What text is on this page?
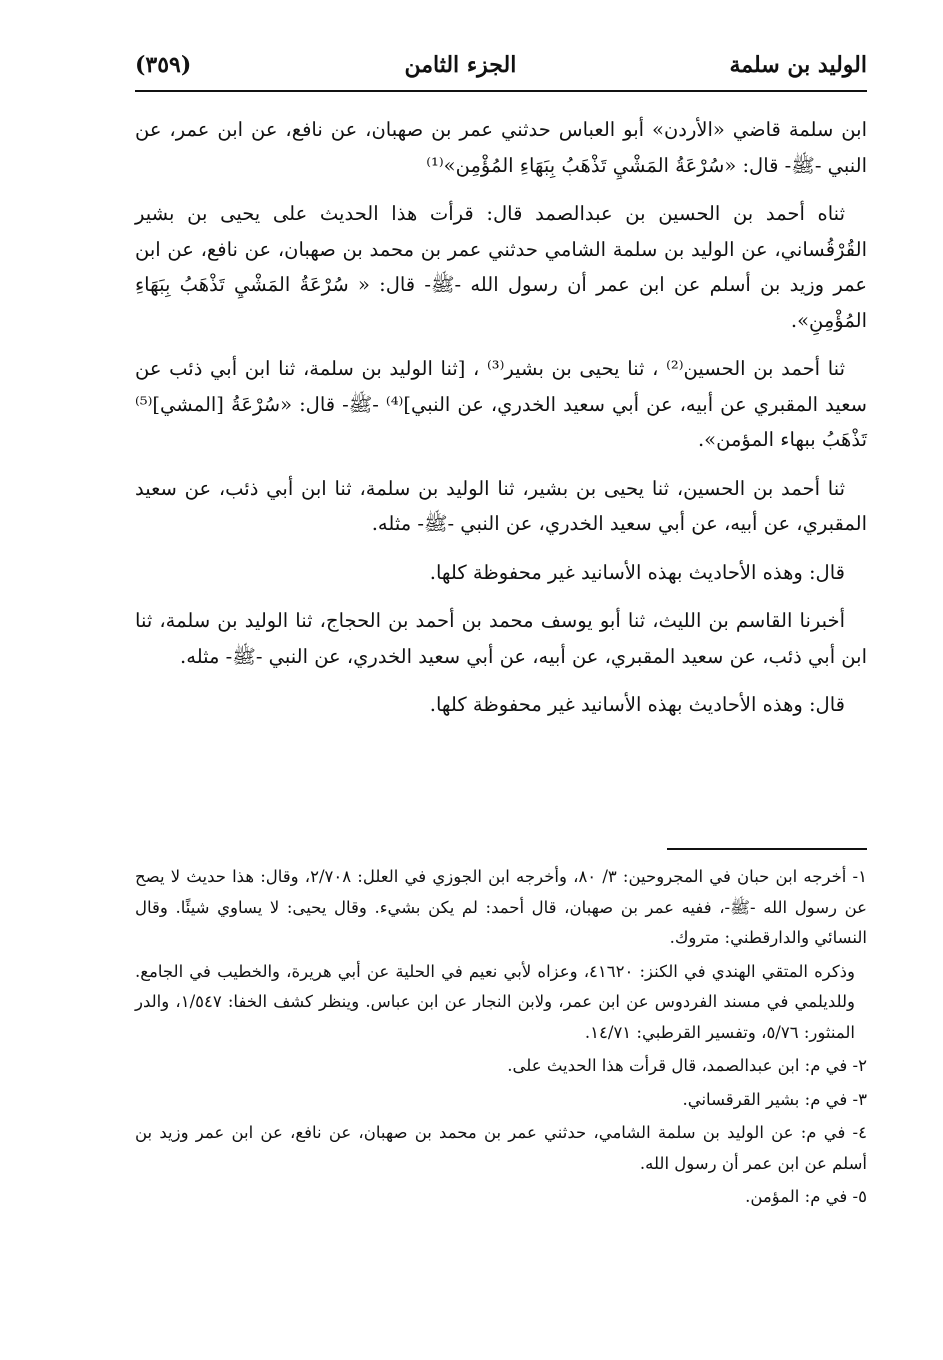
الوليد بن سلمة
الجزء الثامن
(٣٥٩)

ابن سلمة قاضي «الأردن» أبو العباس حدثني عمر بن صهبان، عن نافع، عن ابن عمر، عن النبي -ﷺ- قال: «سُرْعَةُ المَشْيِ تَذْهَبُ بِبَهَاءِ المُؤْمِن»⁽¹⁾

ثناه أحمد بن الحسين بن عبدالصمد قال: قرأت هذا الحديث على يحيى بن بشير القُرْقُساني، عن الوليد بن سلمة الشامي حدثني عمر بن محمد بن صهبان، عن نافع، عن ابن عمر وزيد بن أسلم عن ابن عمر أن رسول الله -ﷺ- قال: « سُرْعَةُ المَشْيِ تَذْهَبُ بِبَهَاءِ المُؤْمِنِ».

ثنا أحمد بن الحسين⁽²⁾ ، ثنا يحيى بن بشير⁽³⁾ ، [ثنا الوليد بن سلمة، ثنا ابن أبي ذئب عن سعيد المقبري عن أبيه، عن أبي سعيد الخدري، عن النبي]⁽⁴⁾ -ﷺ- قال: «سُرْعَةُ [المشي]⁽⁵⁾ تَذْهَبُ ببهاء المؤمن».

ثنا أحمد بن الحسين، ثنا يحيى بن بشير، ثنا الوليد بن سلمة، ثنا ابن أبي ذئب، عن سعيد المقبري، عن أبيه، عن أبي سعيد الخدري، عن النبي -ﷺ- مثله.

قال: وهذه الأحاديث بهذه الأسانيد غير محفوظة كلها.

أخبرنا القاسم بن الليث، ثنا أبو يوسف محمد بن أحمد بن الحجاج، ثنا الوليد بن سلمة، ثنا ابن أبي ذئب، عن سعيد المقبري، عن أبيه، عن أبي سعيد الخدري، عن النبي -ﷺ- مثله.

قال: وهذه الأحاديث بهذه الأسانيد غير محفوظة كلها.

١- أخرجه ابن حبان في المجروحين: ٣/ ٨٠، وأخرجه ابن الجوزي في العلل: ٢/٧٠٨، وقال: هذا حديث لا يصح عن رسول الله -ﷺ-، ففيه عمر بن صهبان، قال أحمد: لم يكن بشيء. وقال يحيى: لا يساوي شيئًا. وقال النسائي والدارقطني: متروك.

وذكره المتقي الهندي في الكنز: ٤١٦٢٠، وعزاه لأبي نعيم في الحلية عن أبي هريرة، والخطيب في الجامع. وللديلمي في مسند الفردوس عن ابن عمر، ولابن النجار عن ابن عباس. وينظر كشف الخفا: ١/٥٤٧، والدر المنثور: ٥/٧٦، وتفسير القرطبي: ١٤/٧١.

٢- في م: ابن عبدالصمد، قال قرأت هذا الحديث على.

٣- في م: بشير القرقساني.

٤- في م: عن الوليد بن سلمة الشامي، حدثني عمر بن محمد بن صهبان، عن نافع، عن ابن عمر وزيد بن أسلم عن ابن عمر أن رسول الله.

٥- في م: المؤمن.
